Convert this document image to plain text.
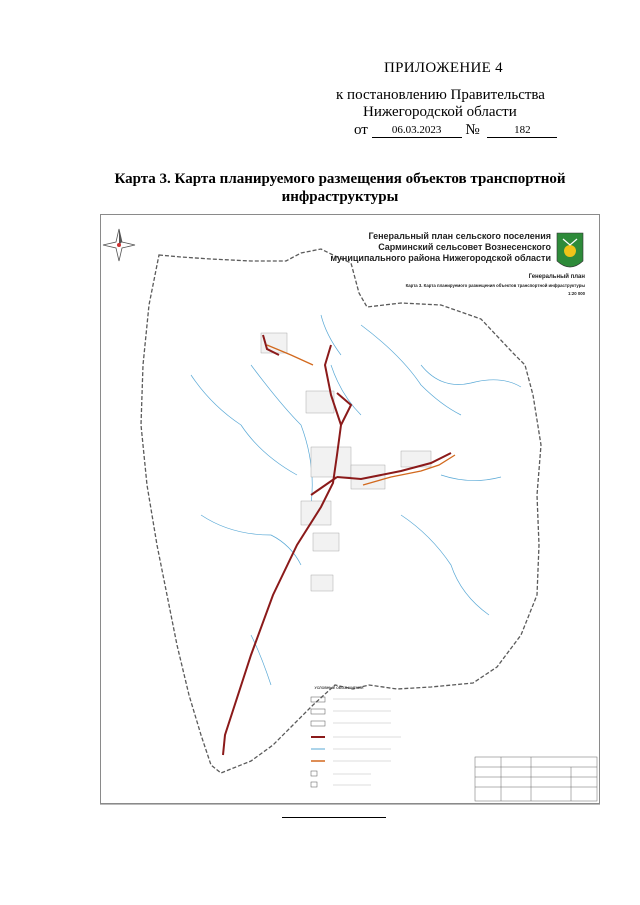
ПРИЛОЖЕНИЕ 4
к постановлению Правительства
Нижегородской области
от 06.03.2023 №	182
Карта 3. Карта планируемого размещения объектов транспортной инфраструктуры
Генеральный план сельского поселения
Сарминский сельсовет Вознесенского
муниципального района Нижегородской области
Генеральный план
Карта 3. Карта планируемого размещения объектов транспортной инфраструктуры
1:20 000
УСЛОВНЫЕ ОБОЗНАЧЕНИЯ
